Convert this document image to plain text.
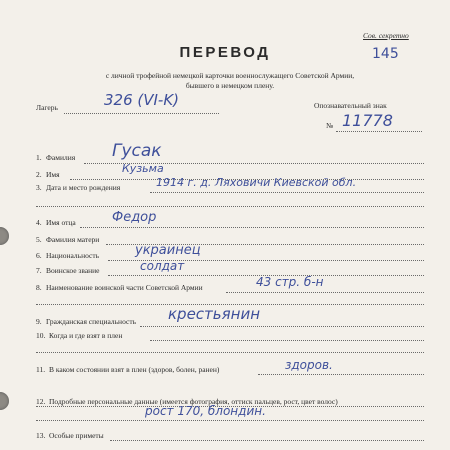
Сов. секретно
145
ПЕРЕВОД
с личной трофейной немецкой карточки военнослужащего Советской Армии,
бывшего в немецком плену.
Лагерь	326 (VI-K)	Опознавательный знак
№ 11778
1. Фамилия Гусак
2. Имя	Кузьма
3. Дата и место рождения	1914 г. д. Ляховичи Киевской обл.
4. Имя отца	Федор
5. Фамилия матери
6. Национальность	украинец
7. Воинское звание	солдат
8. Наименование воинской части Советской Армии	43 стр. б-н
9. Гражданская специальность крестьянин
10. Когда и где взят в плен
11. В каком состоянии взят в плен (здоров, болен, ранен)	здоров.
12. Подробные персональные данные (имеется фотография, оттиск пальцев, рост, цвет волос)
рост 170, блондин.
13. Особые приметы
